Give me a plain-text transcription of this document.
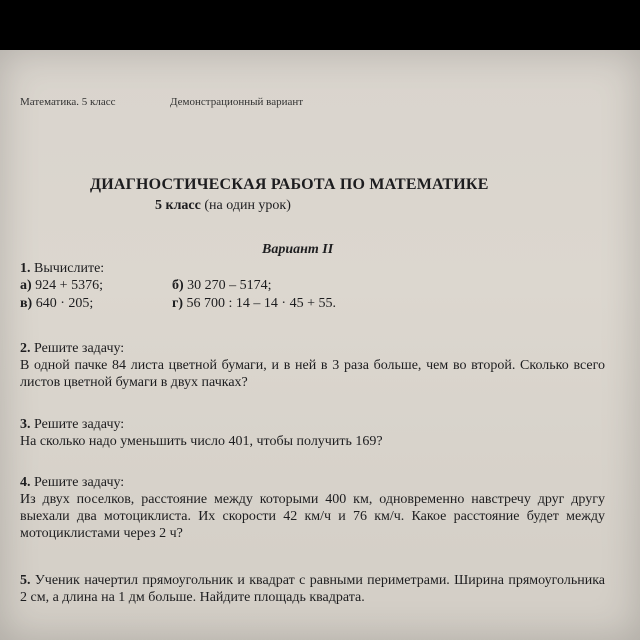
Математика. 5 класс	Демонстрационный вариант
ДИАГНОСТИЧЕСКАЯ РАБОТА ПО МАТЕМАТИКЕ
5 класс (на один урок)
Вариант II
1. Вычислите:
а) 924 + 5376;	б) 30 270 – 5174;
в) 640 · 205;	г) 56 700 : 14 – 14 · 45 + 55.
2. Решите задачу:
В одной пачке 84 листа цветной бумаги, и в ней в 3 раза больше, чем во второй. Сколько всего листов цветной бумаги в двух пачках?
3. Решите задачу:
На сколько надо уменьшить число 401, чтобы получить 169?
4. Решите задачу:
Из двух поселков, расстояние между которыми 400 км, одновременно навстречу друг другу выехали два мотоциклиста. Их скорости 42 км/ч и 76 км/ч. Какое расстояние будет между мотоциклистами через 2 ч?
5. Ученик начертил прямоугольник и квадрат с равными периметрами. Ширина прямоугольника 2 см, а длина на 1 дм больше. Найдите площадь квадрата.
